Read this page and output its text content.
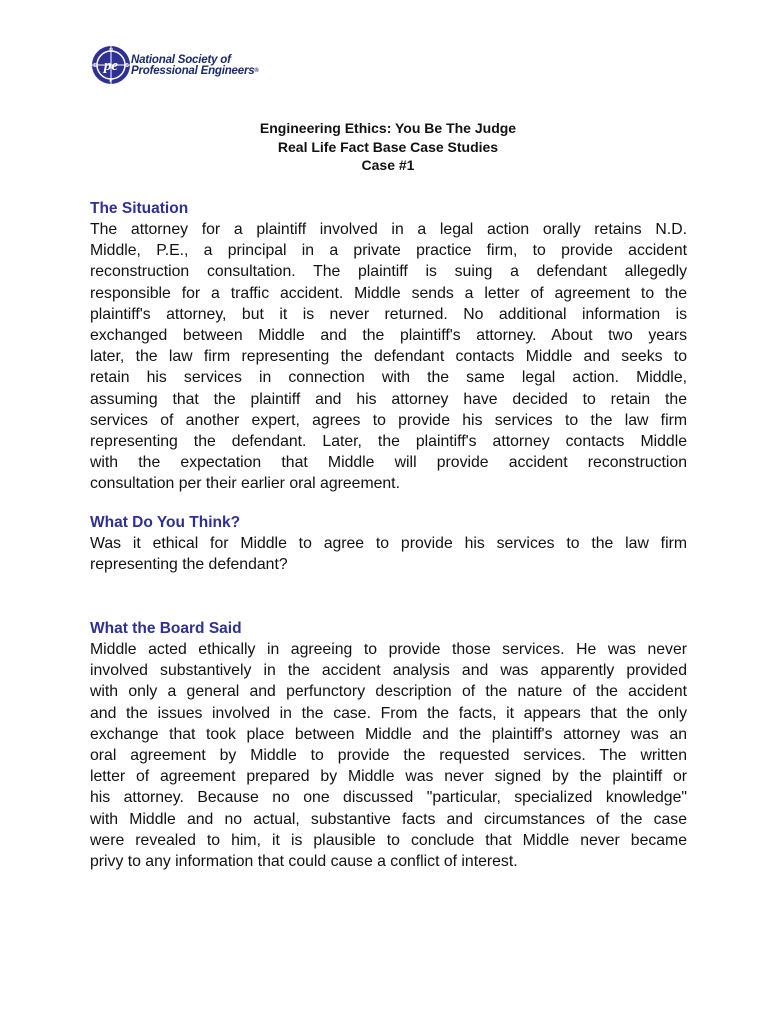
pe
N
S
P
E	National Society of
Professional Engineers®
Engineering Ethics: You Be The Judge
Real Life Fact Base Case Studies
Case #1
The Situation
The attorney for a plaintiff involved in a legal action orally retains N.D.
Middle, P.E., a principal in a private practice firm, to provide accident
reconstruction consultation. The plaintiff is suing a defendant allegedly
responsible for a traffic accident. Middle sends a letter of agreement to the
plaintiff's attorney, but it is never returned. No additional information is
exchanged between Middle and the plaintiff's attorney. About two years
later, the law firm representing the defendant contacts Middle and seeks to
retain his services in connection with the same legal action. Middle,
assuming that the plaintiff and his attorney have decided to retain the
services of another expert, agrees to provide his services to the law firm
representing the defendant. Later, the plaintiff's attorney contacts Middle
with the expectation that Middle will provide accident reconstruction
consultation per their earlier oral agreement.
What Do You Think?
Was it ethical for Middle to agree to provide his services to the law firm
representing the defendant?
What the Board Said
Middle acted ethically in agreeing to provide those services. He was never
involved substantively in the accident analysis and was apparently provided
with only a general and perfunctory description of the nature of the accident
and the issues involved in the case. From the facts, it appears that the only
exchange that took place between Middle and the plaintiff's attorney was an
oral agreement by Middle to provide the requested services. The written
letter of agreement prepared by Middle was never signed by the plaintiff or
his attorney. Because no one discussed "particular, specialized knowledge"
with Middle and no actual, substantive facts and circumstances of the case
were revealed to him, it is plausible to conclude that Middle never became
privy to any information that could cause a conflict of interest.
